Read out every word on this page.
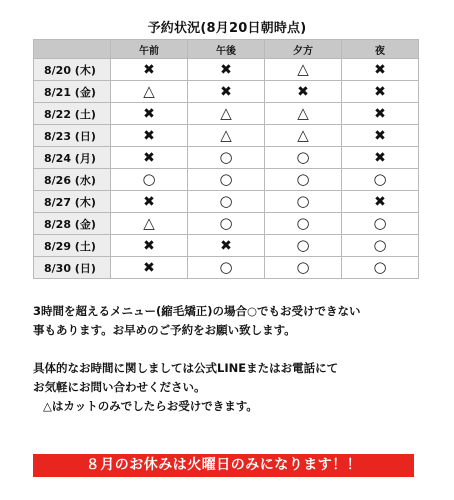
予約状況(8月20日朝時点)
	午前	午後	夕方	夜
8/20 (木)	✖	✖	△	✖
8/21 (金)	△	✖	✖	✖
8/22 (土)	✖	△	△	✖
8/23 (日)	✖	△	△	✖
8/24 (月)	✖	○	○	✖
8/26 (水)	○	○	○	○
8/27 (木)	✖	○	○	✖
8/28 (金)	△	○	○	○
8/29 (土)	✖	✖	○	○
8/30 (日)	✖	○	○	○

3時間を超えるメニュー(縮毛矯正)の場合○でもお受けできない

事もあります。お早めのご予約をお願い致します。

具体的なお時間に関しましては公式LINEまたはお電話にて

お気軽にお問い合わせください。

△はカットのみでしたらお受けできます。

８月のお休みは火曜日のみになります！！
